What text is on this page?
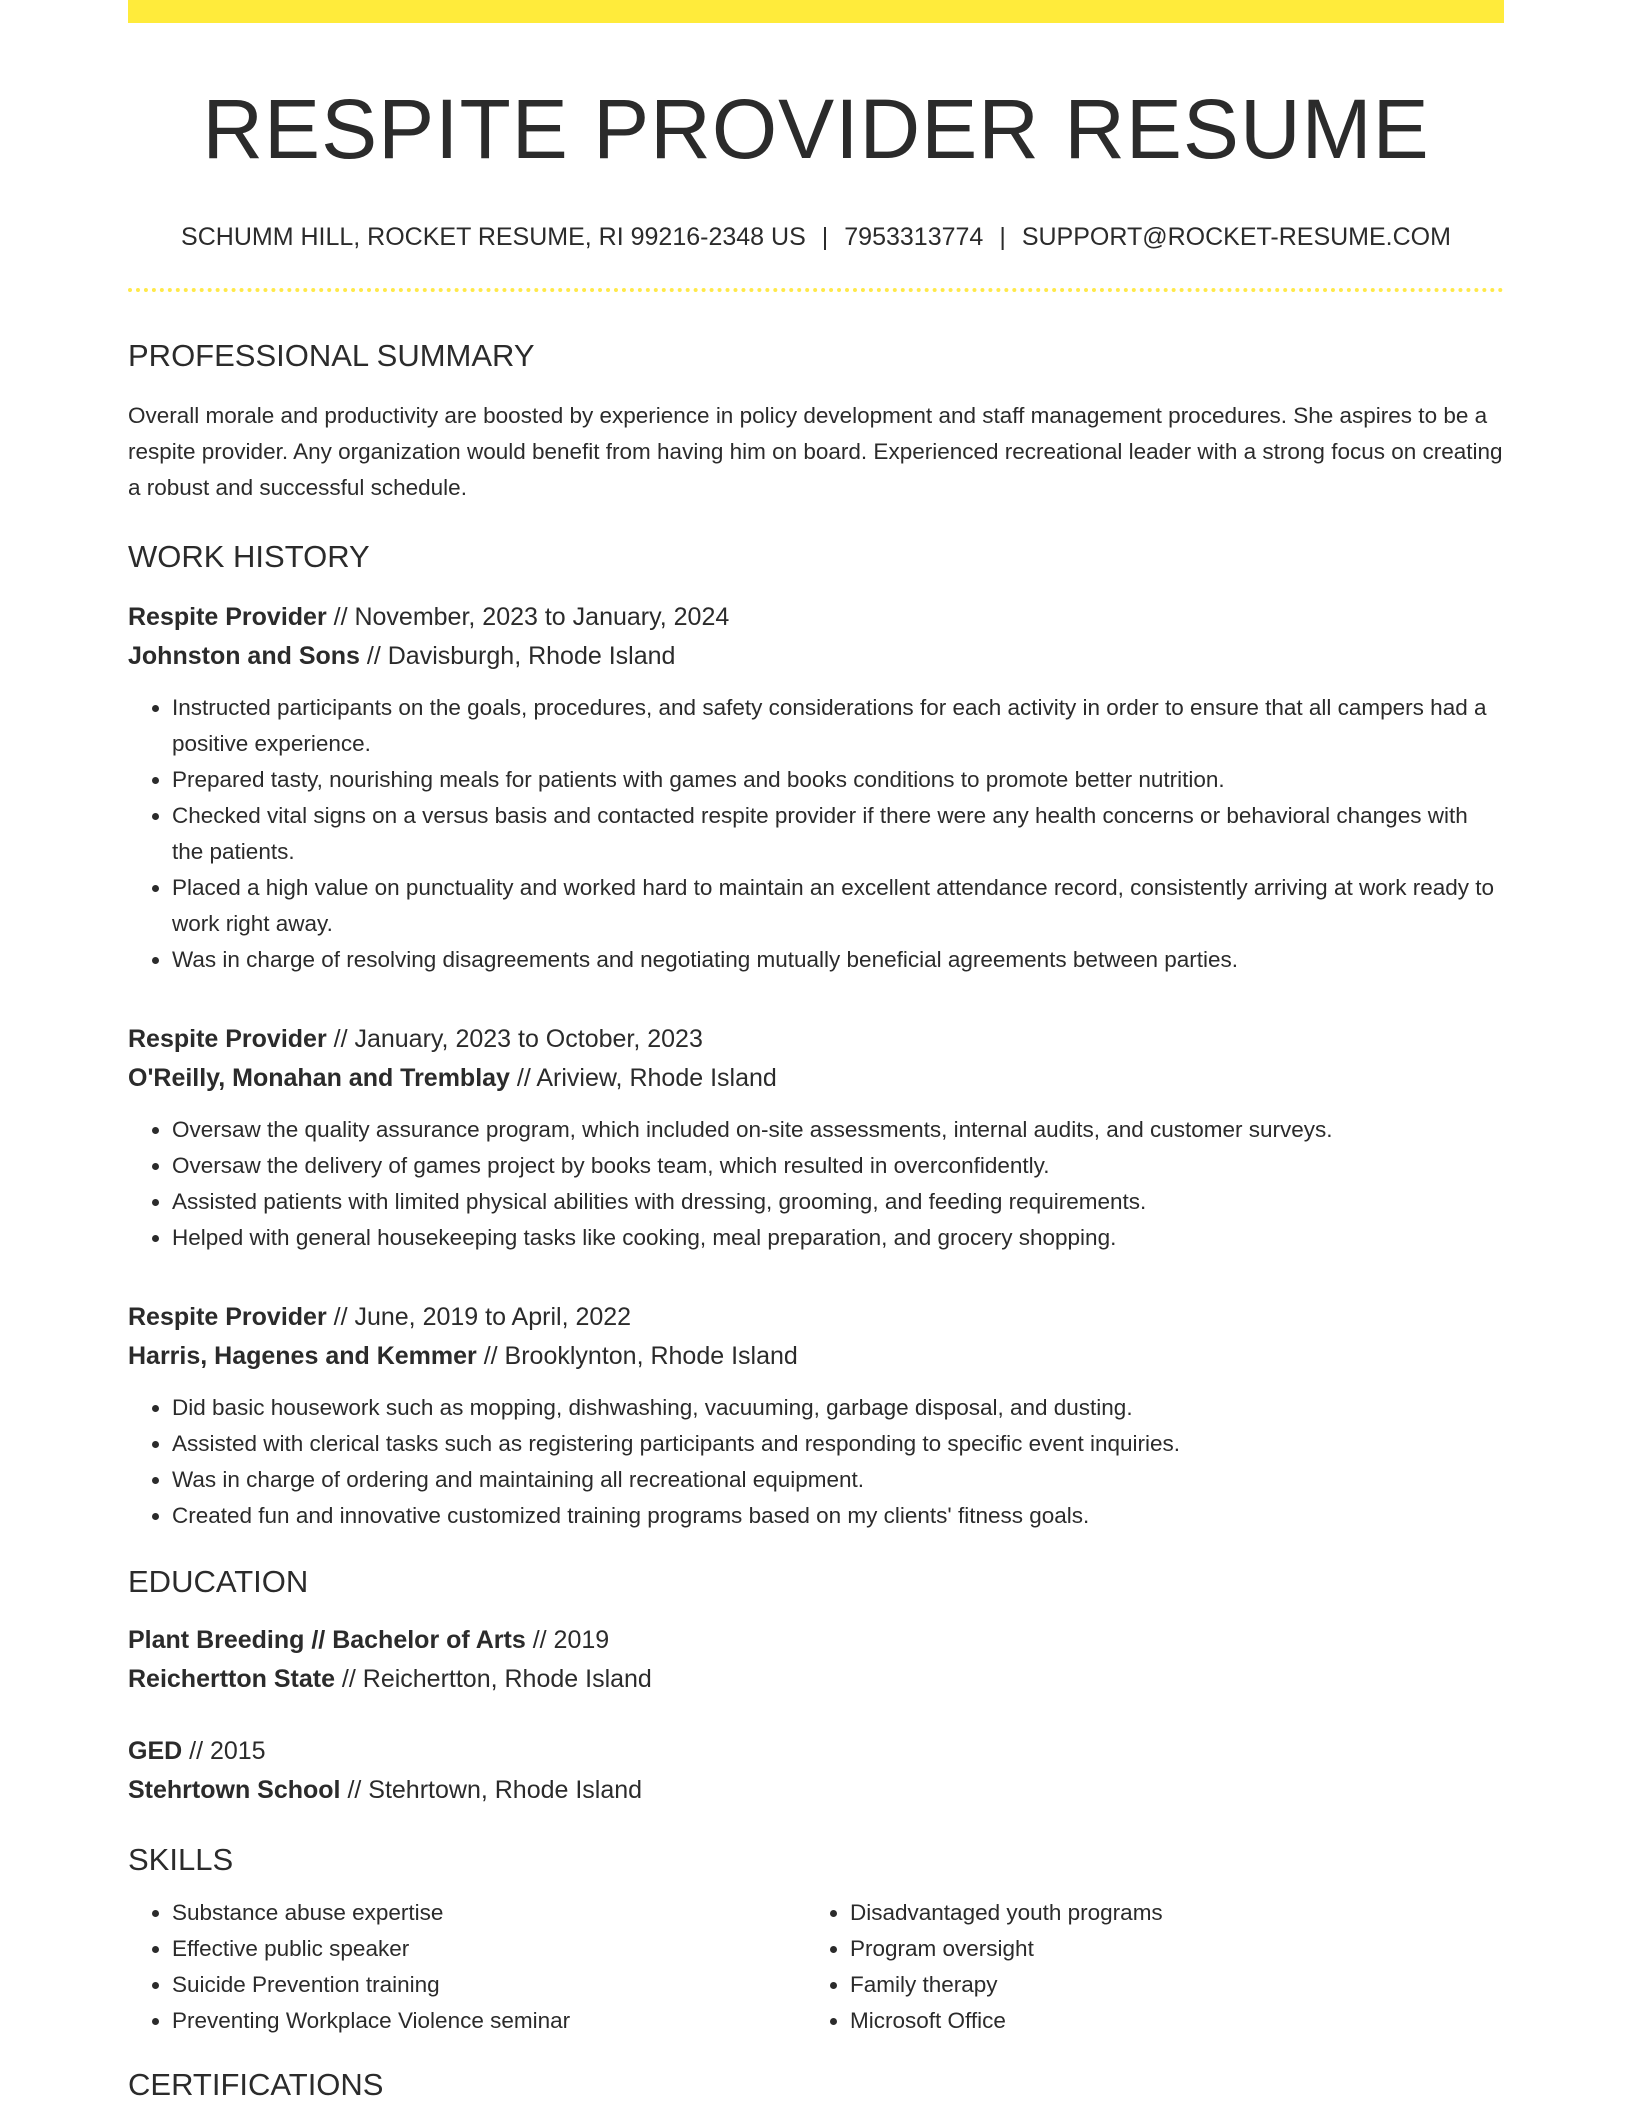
RESPITE PROVIDER RESUME
SCHUMM HILL, ROCKET RESUME, RI 99216-2348 US | 7953313774 | SUPPORT@ROCKET-RESUME.COM
PROFESSIONAL SUMMARY

Overall morale and productivity are boosted by experience in policy development and staff management procedures. She aspires to be a respite provider. Any organization would benefit from having him on board. Experienced recreational leader with a strong focus on creating a robust and successful schedule.

WORK HISTORY
Respite Provider // November, 2023 to January, 2024
Johnston and Sons // Davisburgh, Rhode Island
• Instructed participants on the goals, procedures, and safety considerations for each activity in order to ensure that all campers had a positive experience.
• Prepared tasty, nourishing meals for patients with games and books conditions to promote better nutrition.
• Checked vital signs on a versus basis and contacted respite provider if there were any health concerns or behavioral changes with the patients.
• Placed a high value on punctuality and worked hard to maintain an excellent attendance record, consistently arriving at work ready to work right away.
• Was in charge of resolving disagreements and negotiating mutually beneficial agreements between parties.
Respite Provider // January, 2023 to October, 2023
O'Reilly, Monahan and Tremblay // Ariview, Rhode Island
• Oversaw the quality assurance program, which included on-site assessments, internal audits, and customer surveys.
• Oversaw the delivery of games project by books team, which resulted in overconfidently.
• Assisted patients with limited physical abilities with dressing, grooming, and feeding requirements.
• Helped with general housekeeping tasks like cooking, meal preparation, and grocery shopping.
Respite Provider // June, 2019 to April, 2022
Harris, Hagenes and Kemmer // Brooklynton, Rhode Island
• Did basic housework such as mopping, dishwashing, vacuuming, garbage disposal, and dusting.
• Assisted with clerical tasks such as registering participants and responding to specific event inquiries.
• Was in charge of ordering and maintaining all recreational equipment.
• Created fun and innovative customized training programs based on my clients' fitness goals.
EDUCATION
Plant Breeding // Bachelor of Arts // 2019
Reichertton State // Reichertton, Rhode Island
GED // 2015
Stehrtown School // Stehrtown, Rhode Island
SKILLS
• Substance abuse expertise
• Effective public speaker
• Suicide Prevention training
• Preventing Workplace Violence seminar
• Disadvantaged youth programs
• Program oversight
• Family therapy
• Microsoft Office
CERTIFICATIONS
